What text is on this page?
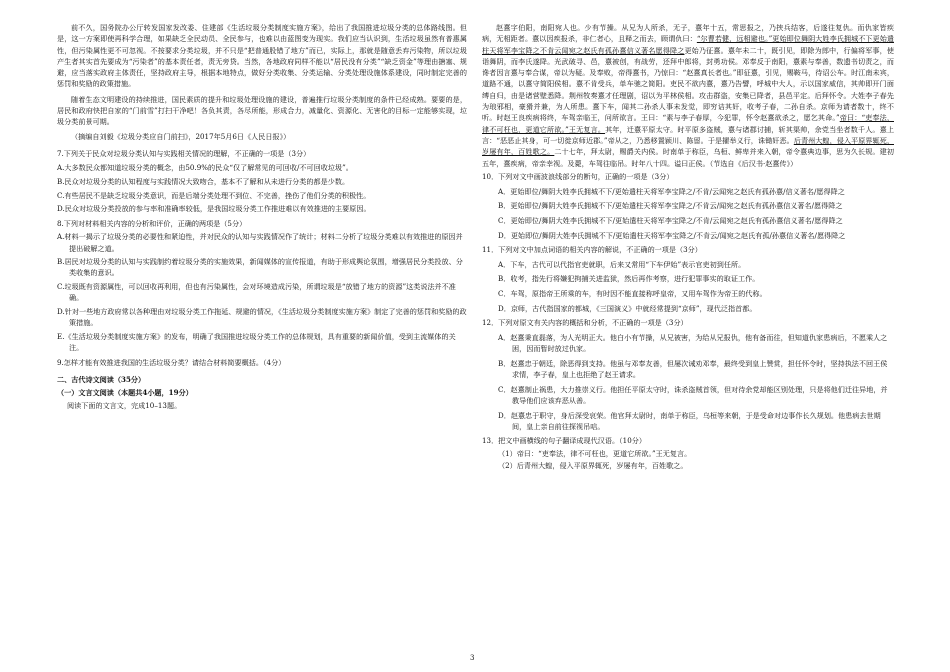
前不久，国务院办公厅转发国家发改委、住建部《生活垃圾分类制度实施方案》，给出了我国推进垃圾分类的总体路线图。但是，这一方案即使再科学合理，如果缺乏全民动员、全民参与，也难以由蓝图变为现实。我们应当认识到，生活垃圾虽然有普惠属性，但污染属性更不可忽视。不按要求分类垃圾，并不只是“把普通股错了地方”而已，实际上，那就是随意丢弃污染物，所以垃圾产生者其实首先要成为“污染者”的基本责任者，责无旁贷。当然，各地政府同样不能以“居民没有分类”“缺乏资金”等理由搪塞、规避，应当落实政府主体责任，坚持政府主导，根据本地特点，做好分类收集、分类运输、分类处理设施体系建设，同时制定完善的惩罚和奖励的政策措施。

随着生态文明建设的持续推进，国民素质的提升和垃圾处理设施的建设，普遍推行垃圾分类制度的条件已经成熟。要要的是，居民和政府快把自家的“门前雪”打扫干净吧！各负其责，各尽所能，形成合力，减量化、资源化、无害化的目标一定能够实现，垃圾分类前景可期。

（摘编自刘毅《垃圾分类应自门前扫》，2017年5月6日《人民日报》）

7.下列关于民众对垃圾分类认知与实践相关情况的理解，不正确的一项是（3分）

A.大多数民众都知道垃圾分类的概念，由50.9%的民众“仅了解常见的可回收/不可回收垃圾”。

B.民众对垃圾分类的认知程度与实践情况大致吻合，基本不了解和从未进行分类的都是少数。

C.有些居民不是缺乏垃圾分类意识，而是后端分类处理不到位、不完善，挫伤了他们分类的积极性。

D.民众对垃圾分类投放的参与率和准确率较低，是我国垃圾分类工作推进难以有效推进的主要原因。

8.下列对材料相关内容的分析和评价，正确的两项是（5分）

A.材料一揭示了垃圾分类的必要性和紧迫性，并对民众的认知与实践情况作了统计；材料二分析了垃圾分类难以有效推进的原因并提出破解之道。

B.居民对垃圾分类的认知与实践制约着垃圾分类的实施效果，新闻媒体的宣传报道，有助于形成舆论氛围，增强居民分类投放、分类收集的意识。

C.垃圾既有资源属性，可以回收再利用，但也有污染属性，会对环境造成污染，所谓垃圾是“放错了地方的资源”这类说法并不准确。

D.针对一些地方政府常以各种理由对垃圾分类工作拖延、规避的情况，《生活垃圾分类制度实施方案》制定了完善的惩罚和奖励的政策措施。

E.《生活垃圾分类制度实施方案》的发布，明确了我国推进垃圾分类工作的总体规划，具有重要的新闻价值，受到主流媒体的关注。

9.怎样才能有效推进我国的生活垃圾分类？请结合材料简要概括。（4分）

二、古代诗文阅读（35分）

（一）文言文阅读（本题共4小题，19分）

阅读下面的文言文，完成10–13题。

赵憙字伯阳，南阳宛人也。少有节操。从兄为人所杀，无子，憙年十五，常思报之，乃挟兵结客，后遂往复仇。而仇家皆疾病，无相距者。憙以因疾报杀，非仁者心，且释之而去，顾谓仇曰：“尔曹若健，远相避也。”更始即位舞阴大姓李氏拥城不下更始遣柱天将军李宝降之不肯云闻宛之赵氏有孤孙憙信义著名愿得降之更始乃征憙。憙年未二十，既引见，即除为郎中，行偏将军事，使诣舞阴，而李氏遂降。光武破寻、邑，憙被创，有战劳，还拜中郎将，封勇功侯。邓奉反于南阳，憙素与奉善，数遗书切责之，而谗者因言憙与奉合谋，帝以为疑。及奉败，帝得憙书，乃惊曰：“赵憙真长者也。”即征憙，引见，赐鞍马，待诏公车。时江南未宾，道路不通，以憙守简阳侯相。憙不肯受兵，单车驰之简阳。吏民不欲内憙，憙乃告譬，呼城中大人，示以国家威信，其帅即开门面缚自归，由是诸营壁悉降。荆州牧奏憙才任理剧，诏以为平林侯相。攻击群盗，安集已降者，县邑平定。后拜怀令。大姓李子春先为琅邪相，豪猾并兼，为人所患。憙下车，闻其二孙杀人事未发觉，即穷诘其奸，收考子春，二孙自杀。京师为请者数十，终不听。时赵王良疾病将终，车驾亲临王，问所欲言。王曰：“素与李子春厚，今犯罪，怀令赵憙欲杀之，愿乞其命。”帝曰：“吏奉法，律不可枉也，更道它所欲。”王无复言。其年，迁憙平原太守。时平原多盗贼，憙与诸郡讨捕，斩其渠帅，余党当坐者数千人。憙上言：“恶恶止其身，可一切徙京师近郡。”帝从之，乃悉移置颍川、陈留。于是擢举义行，诛锄奸恶。后青州大蝗，侵入平原界辄死，岁屡有年，百姓歌之。二十七年，拜太尉，赐爵关内侯。时南单于称臣，乌桓、鲜卑并来入朝，帝令憙典边事，思为久长规。建初五年，憙疾病，帝亲幸视。及薨，车驾往临吊。时年八十四。谥曰正侯。（节选自《后汉书·赵憙传》）

10．下列对文中画波浪线部分的断句，正确的一项是（3分）

A．更始即位/舞阴大姓李氏拥城不下/更始遣柱天将军李宝降之/不肯/云闻宛之赵氏有孤孙憙/信义著名/愿得降之

B．更始即位/舞阴大姓李氏拥城不下/更始遣柱天将军李宝降之/不肯云/闻宛之赵氏有孤孙憙信义著名/愿得降之

C．更始即位/舞阴大姓李氏拥城不下/更始遣柱天将军李宝降之/不肯/云闻宛之赵氏有孤孙憙信义著名/愿得降之

D．更始即位/舞阴大姓李氏拥城不下/更始遣柱天将军李宝降之/不肯云/闻宛之赵氏有孤/孙憙信义著名/愿得降之

11．下列对文中加点词语的相关内容的解说，不正确的一项是（3分）

A．下车，古代可以代指官吏就职，后来又常用“下车伊始”表示官吏初到任所。

B．收考，指先行将嫌犯拘捕关进监狱，然后再作考察，进行犯罪事实的取证工作。

C．车驾，原指帝王所乘的车，有时因不能直接称呼皇帝，又用车驾作为帝王的代称。

D．京师，古代指国家的都城，《三国演义》中就经常提到“京师”，现代泛指首都。

12．下列对原文有关内容的概括和分析，不正确的一项是（3分）

A．赵憙秉直磊落，为人光明正大。他白小有节操，从兄被害，为给从兄报仇，他有备而往，但知道仇家患病后，不愿乘人之困，因而暂时放过仇家。

B．赵憙忠于朝廷，除恶得到支持。他虽与邓奉友善，但屡次诫劝邓奉，最终受到皇上赞赏，担任怀令时，坚持执法不回王侯求情，李子春，皇上也拒绝了赵王请求。

C．赵憙制止祸患，大力推崇义行。他担任平原太守时，诛杀盗贼首领，但对待余党却能区别处理，只是将他们迁往异地，并教导他们应该弃恶从善。

D．赵憙忠于职守，身后深受哀荣。他官拜太尉时，南单于称臣，乌桓等来朝，于是受命对边事作长久规划。他患病去世期间，皇上亲自前往探视吊唁。

13．把文中画横线的句子翻译成现代汉语。（10分）

（1）帝曰：“吏奉法，律不可枉也，更道它所欲。”王无复言。

（2）后青州大蝗，侵入平原界辄死，岁屡有年，百姓歌之。

3
